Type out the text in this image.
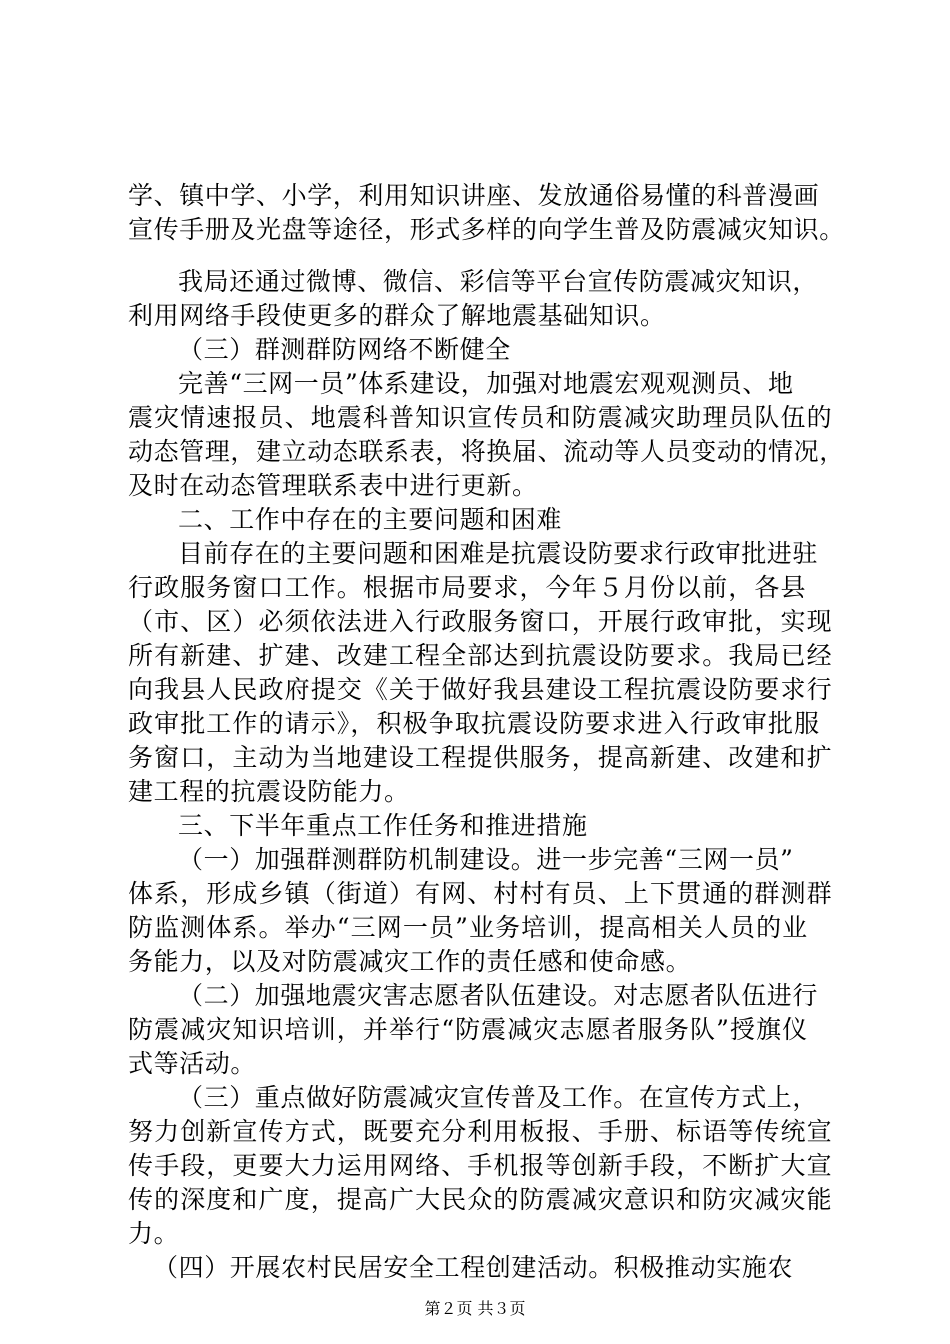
学、镇中学、小学，利用知识讲座、发放通俗易懂的科普漫画
宣传手册及光盘等途径，形式多样的向学生普及防震减灾知识。
我局还通过微博、微信、彩信等平台宣传防震减灾知识，
利用网络手段使更多的群众了解地震基础知识。
（三）群测群防网络不断健全
完善“三网一员”体系建设，加强对地震宏观观测员、地
震灾情速报员、地震科普知识宣传员和防震减灾助理员队伍的
动态管理，建立动态联系表，将换届、流动等人员变动的情况，
及时在动态管理联系表中进行更新。
二、工作中存在的主要问题和困难
目前存在的主要问题和困难是抗震设防要求行政审批进驻
行政服务窗口工作。根据市局要求，今年５月份以前，各县
（市、区）必须依法进入行政服务窗口，开展行政审批，实现
所有新建、扩建、改建工程全部达到抗震设防要求。我局已经
向我县人民政府提交《关于做好我县建设工程抗震设防要求行
政审批工作的请示》，积极争取抗震设防要求进入行政审批服
务窗口，主动为当地建设工程提供服务，提高新建、改建和扩
建工程的抗震设防能力。
三、下半年重点工作任务和推进措施
（一）加强群测群防机制建设。进一步完善“三网一员”
体系，形成乡镇（街道）有网、村村有员、上下贯通的群测群
防监测体系。举办“三网一员”业务培训，提高相关人员的业
务能力，以及对防震减灾工作的责任感和使命感。
（二）加强地震灾害志愿者队伍建设。对志愿者队伍进行
防震减灾知识培训，并举行“防震减灾志愿者服务队”授旗仪
式等活动。
（三）重点做好防震减灾宣传普及工作。在宣传方式上，
努力创新宣传方式，既要充分利用板报、手册、标语等传统宣
传手段，更要大力运用网络、手机报等创新手段，不断扩大宣
传的深度和广度，提高广大民众的防震减灾意识和防灾减灾能
力。
（四）开展农村民居安全工程创建活动。积极推动实施农
第２页 共３页
